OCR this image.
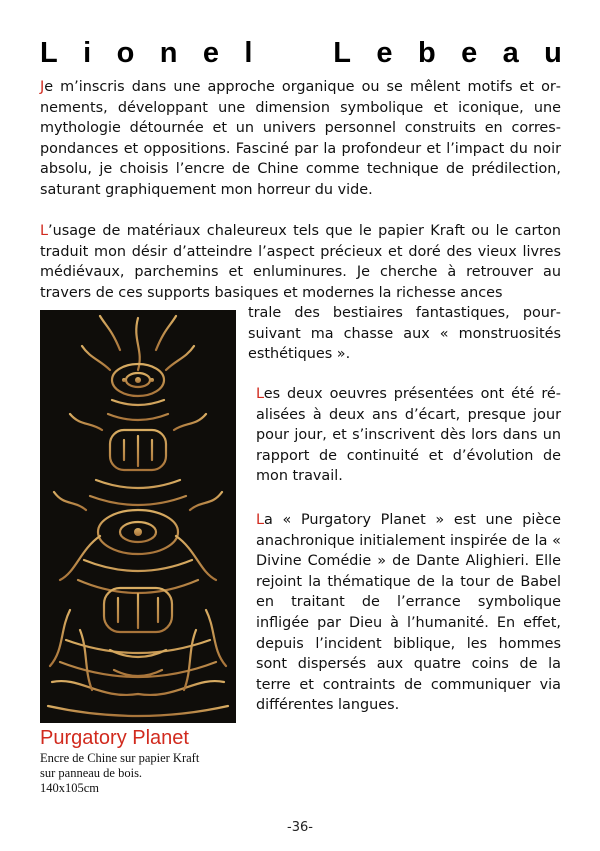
L i o n e l
	L e b e a u

Je m’inscris dans une approche organique ou se mêlent motifs et ornements, développant une dimension symbolique et iconique, une mythologie détournée et un univers personnel construits en correspondances et oppositions. Fasciné par la profondeur et l’impact du noir absolu, je choisis l’encre de Chine comme technique de prédilection, saturant graphiquement mon horreur du vide.

L’usage de matériaux chaleureux tels que le papier Kraft ou le carton traduit mon désir d’atteindre l’aspect précieux et doré des vieux livres médiévaux, parchemins et enluminures. Je cherche à retrouver au travers de ces supports basiques et modernes la richesse ances

trale des bestiaires fantastiques, poursuivant ma chasse aux « monstruosités esthétiques ».

Les deux oeuvres présentées ont été réalisées à deux ans d’écart, presque jour pour jour, et s’inscrivent dès lors dans un rapport de continuité et d’évolution de mon travail.

La « Purgatory Planet » est une pièce anachronique initialement inspirée de la « Divine Comédie » de Dante Alighieri. Elle rejoint la thématique de la tour de Babel en traitant de l’errance symbolique infligée par Dieu à l’humanité. En effet, depuis l’incident biblique, les hommes sont dispersés aux quatre coins de la terre et contraints de communiquer via différentes langues.

Purgatory Planet
Encre de Chine sur papier Kraft
sur panneau de bois.
140x105cm
-36-
